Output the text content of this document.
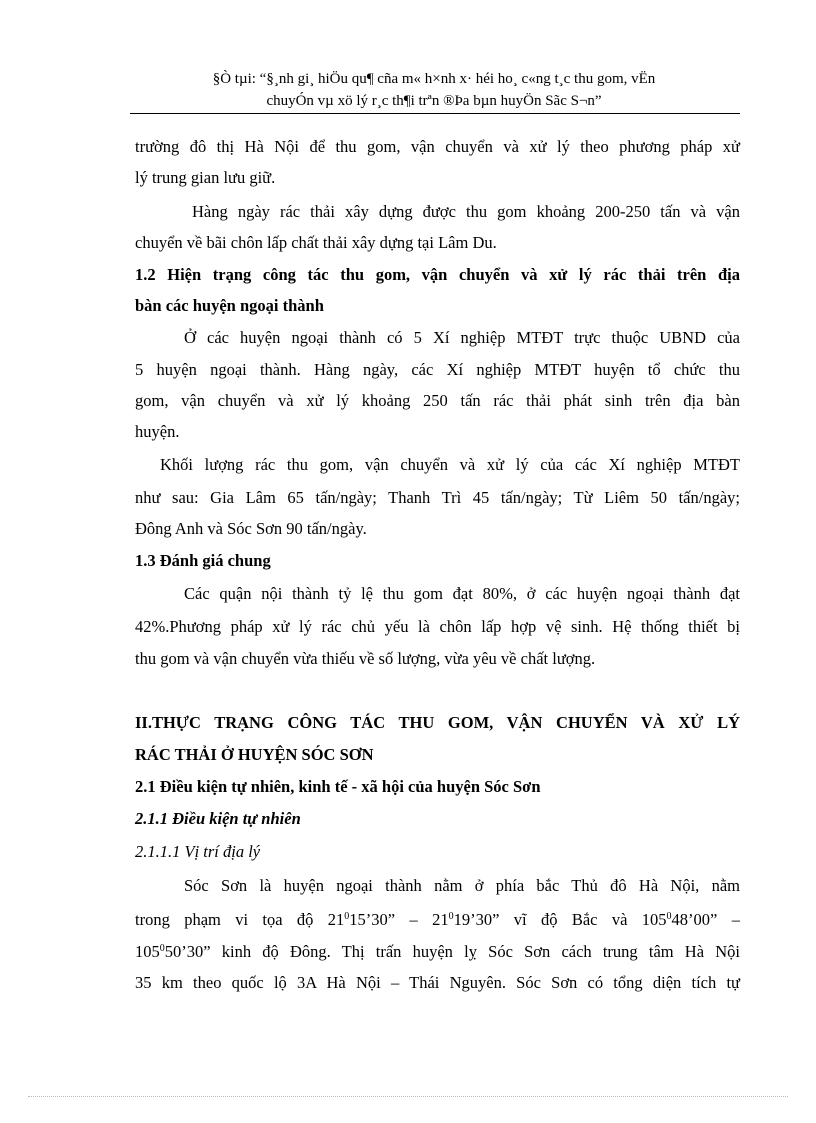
§Ò tµi: “§¸nh gi¸ hiÖu qu¶ cña m« h×nh x· héi ho¸ c«ng t¸c thu gom, vËn
chuyÓn vµ xö lý r¸c th¶i trªn ®Þa bµn huyÖn Sãc S¬n”
trường đô thị Hà Nội để thu gom, vận chuyển và xử lý theo phương pháp xử
lý trung gian lưu giữ.
Hàng ngày rác thải xây dựng được thu gom khoảng 200-250 tấn và vận
chuyển về bãi chôn lấp chất thải xây dựng tại Lâm Du.
1.2 Hiện trạng công tác thu gom, vận chuyển và xử lý rác thải trên địa
bàn các huyện ngoại thành
Ở các huyện ngoại thành có 5 Xí nghiệp MTĐT trực thuộc UBND của
5 huyện ngoại thành. Hàng ngày, các Xí nghiệp MTĐT huyện tổ chức thu
gom, vận chuyển và xử lý khoảng 250 tấn rác thải phát sinh trên địa bàn
huyện.
Khối lượng rác thu gom, vận chuyển và xử lý của các Xí nghiệp MTĐT
như sau: Gia Lâm 65 tấn/ngày; Thanh Trì 45 tấn/ngày; Từ Liêm 50 tấn/ngày;
Đông Anh và Sóc Sơn 90 tấn/ngày.
1.3 Đánh giá chung
Các quận nội thành tỷ lệ thu gom đạt 80%, ở các huyện ngoại thành đạt
42%.Phương pháp xử lý rác chủ yếu là chôn lấp hợp vệ sinh. Hệ thống thiết bị
thu gom và vận chuyển vừa thiếu về số lượng, vừa yêu về chất lượng.
II.THỰC TRẠNG CÔNG TÁC THU GOM, VẬN CHUYỂN VÀ XỬ LÝ
RÁC THẢI Ở HUYỆN SÓC SƠN
2.1 Điều kiện tự nhiên, kinh tế - xã hội của huyện Sóc Sơn
2.1.1 Điều kiện tự nhiên
2.1.1.1 Vị trí địa lý
Sóc Sơn là huyện ngoại thành nằm ở phía bắc Thủ đô Hà Nội, nằm
trong phạm vi tọa độ $21^015’30$” – $21^019’30$” vĩ độ Bắc và $105^048’00$” –
$105^050’30$” kinh độ Đông. Thị trấn huyện lỵ Sóc Sơn cách trung tâm Hà Nội
35 km theo quốc lộ 3A Hà Nội – Thái Nguyên. Sóc Sơn có tổng diện tích tự
